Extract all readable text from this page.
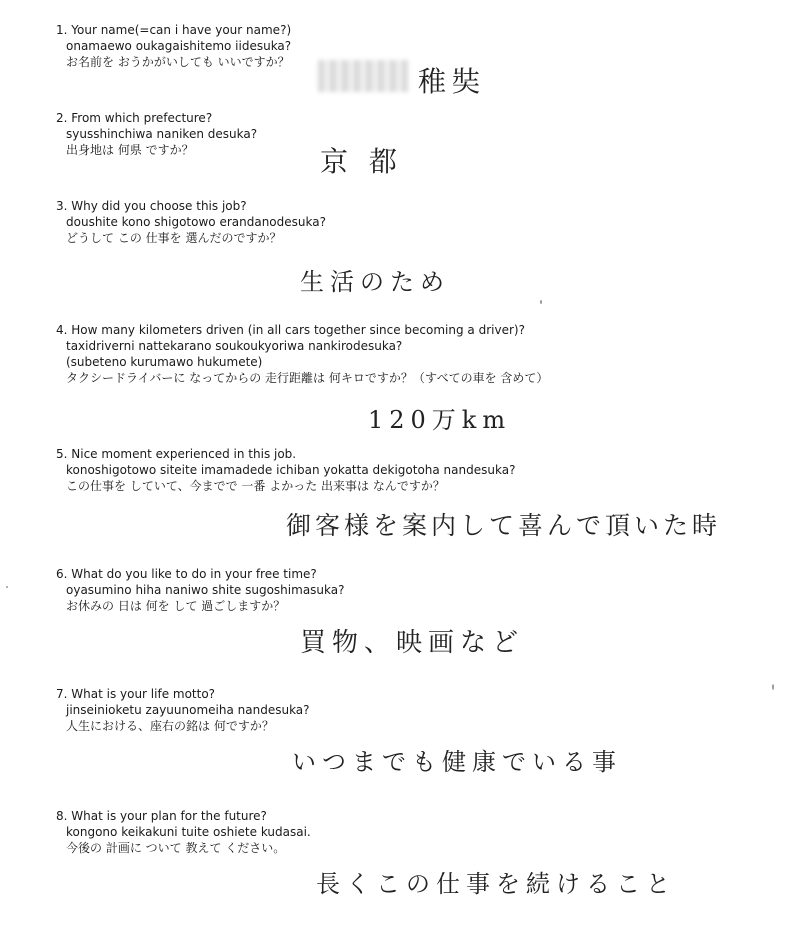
1. Your name(=can i have your name?)
onamaewo oukagaishitemo iidesuka?
お名前を おうかがいしても いいですか？
稚奘
2. From which prefecture?
syusshinchiwa naniken desuka?
出身地は 何県 ですか？	京 都
3. Why did you choose this job?
doushite kono shigotowo erandanodesuka?
どうして この 仕事を 選んだのですか？
生活のため
4. How many kilometers driven (in all cars together since becoming a driver)?
taxidriverni nattekarano soukoukyoriwa nankirodesuka?
(subeteno kurumawo hukumete)
タクシードライバーに なってからの 走行距離は 何キロですか？（すべての車を 含めて）
120万km
5. Nice moment experienced in this job.
konoshigotowo siteite imamadede ichiban yokatta dekigotoha nandesuka?
この仕事を していて、今までで 一番 よかった 出来事は なんですか？
御客様を案内して喜んで頂いた時
6. What do you like to do in your free time?
oyasumino hiha naniwo shite sugoshimasuka?
お休みの 日は 何を して 過ごしますか？
買物、映画など
7. What is your life motto?
jinseinioketu zayuunomeiha nandesuka?
人生における、座右の銘は 何ですか？
いつまでも健康でいる事
8. What is your plan for the future?
kongono keikakuni tuite oshiete kudasai.
今後の 計画に ついて 教えて ください。
長くこの仕事を続けること
